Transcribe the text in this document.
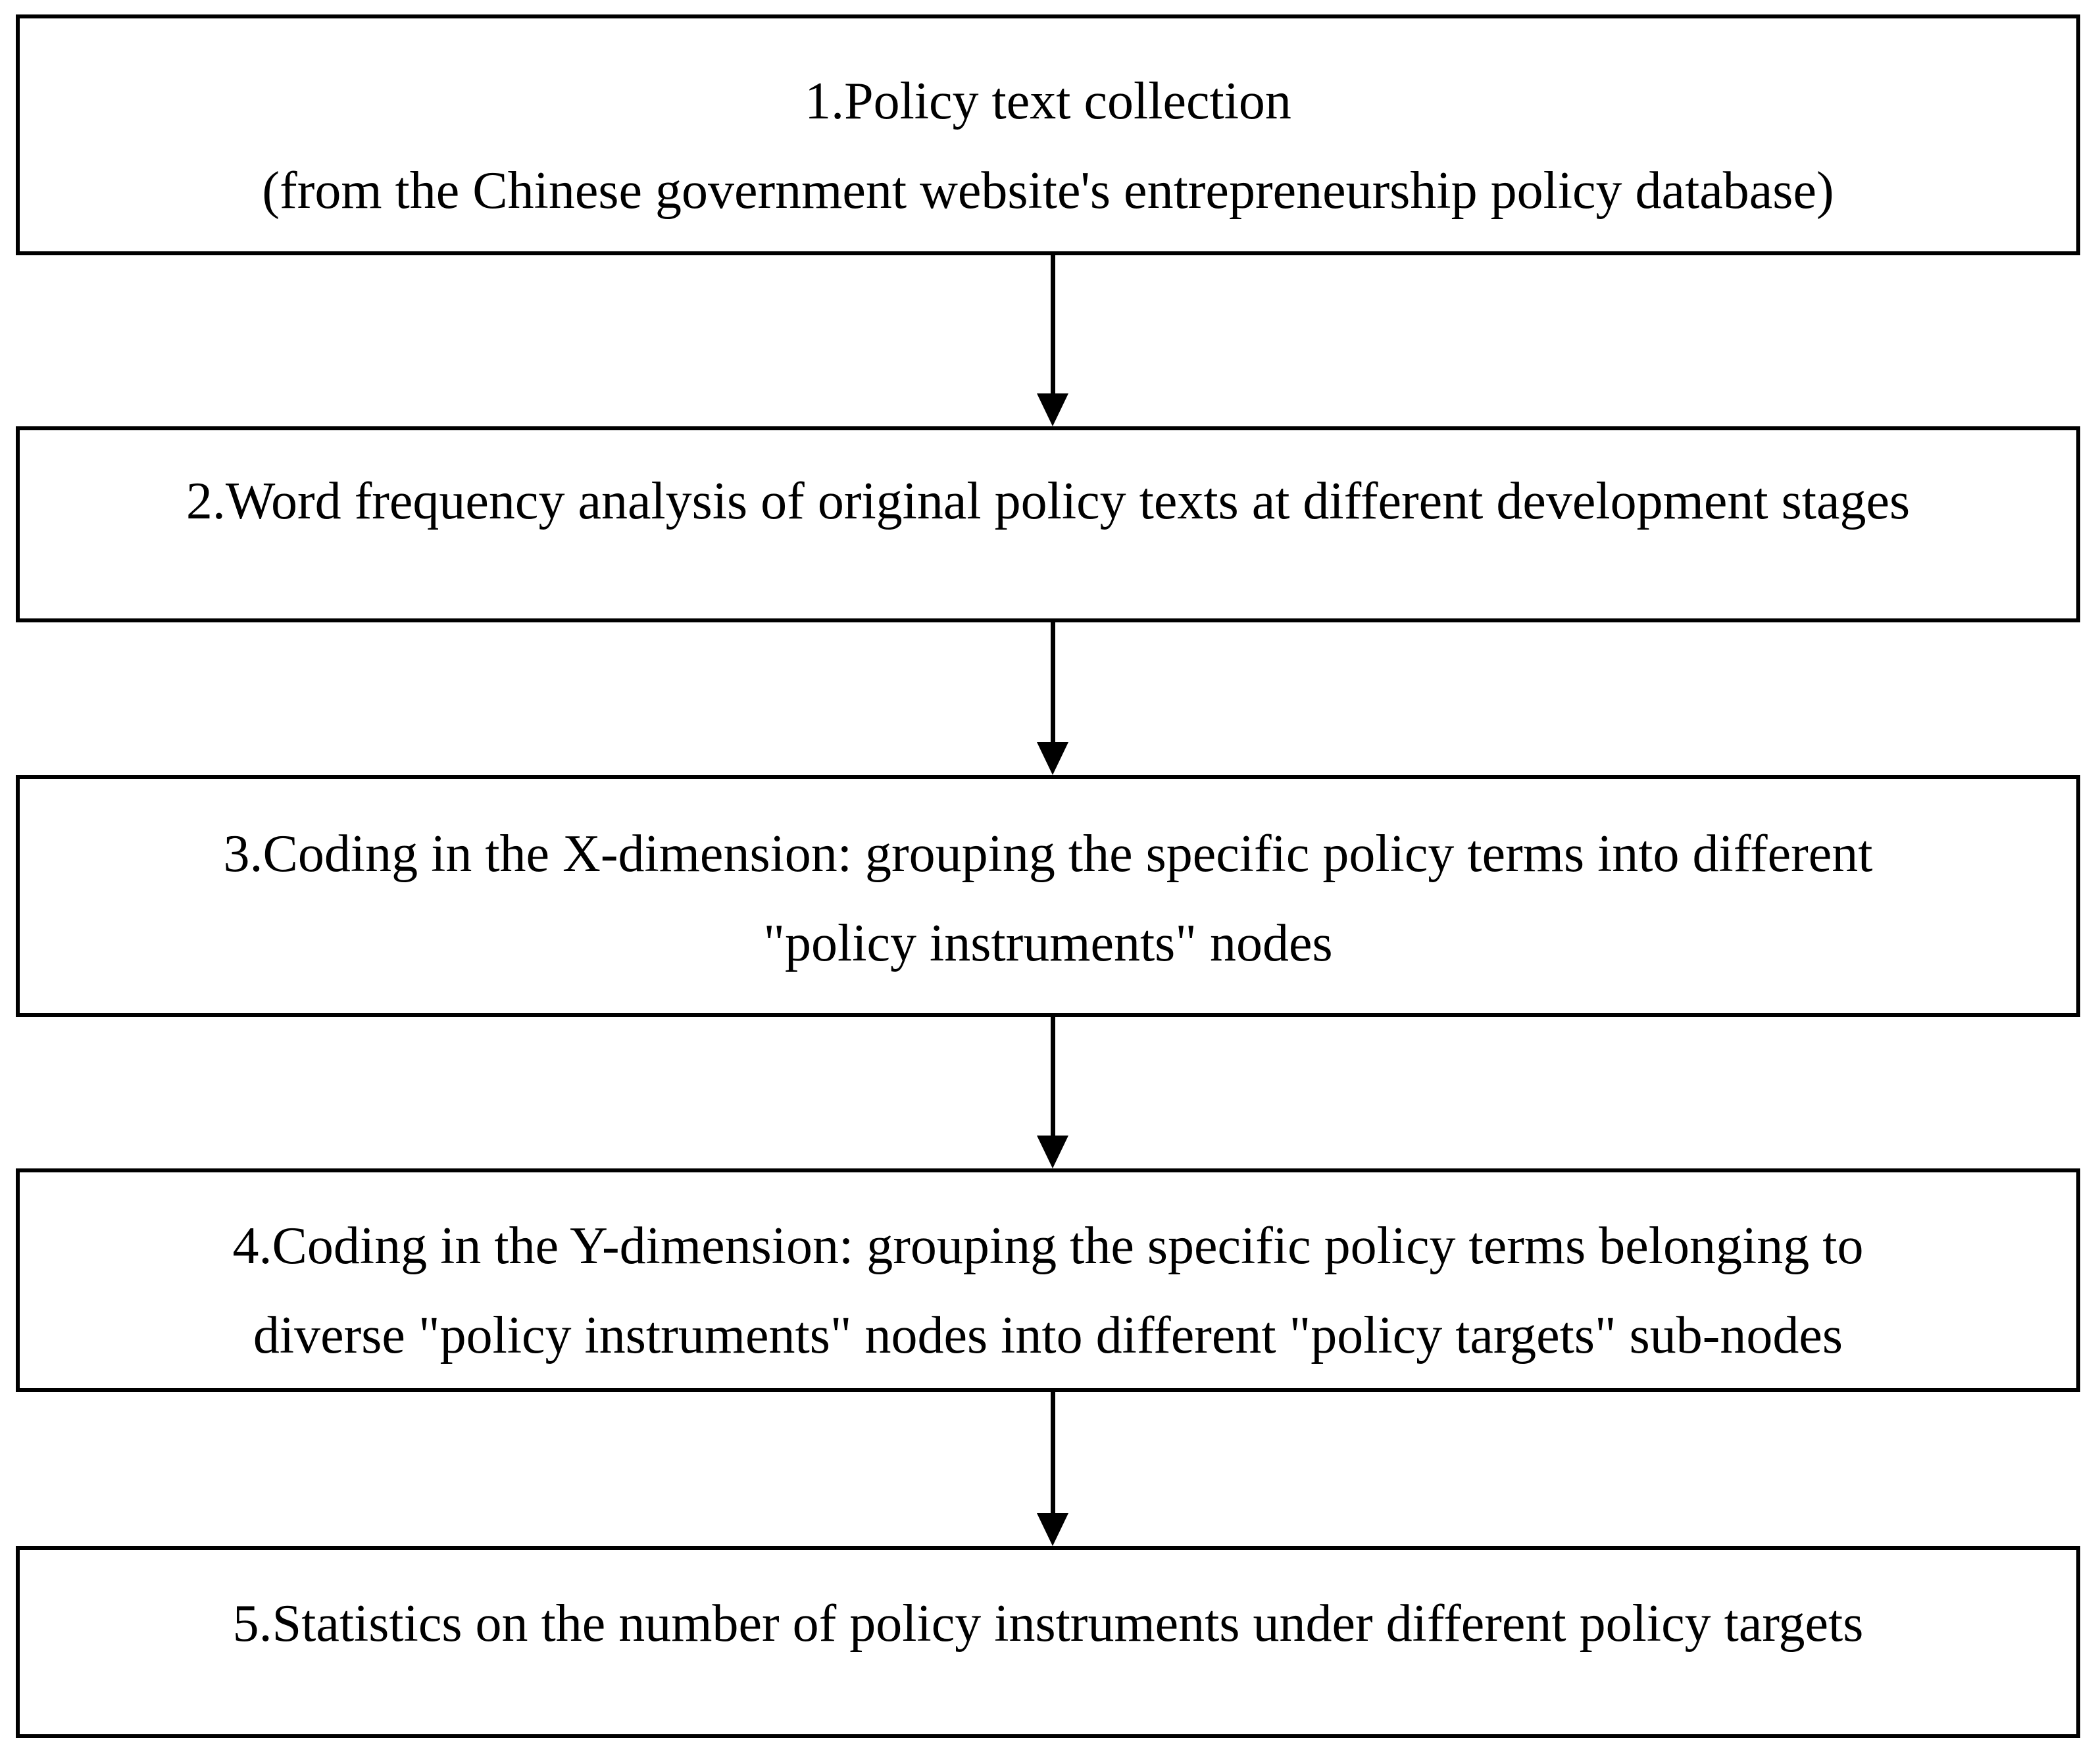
1.Policy text collection
(from the Chinese government website's entrepreneurship policy database)
2.Word frequency analysis of original policy texts at different development stages
3.Coding in the X-dimension: grouping the specific policy terms into different
"policy instruments" nodes
4.Coding in the Y-dimension: grouping the specific policy terms belonging to
diverse "policy instruments" nodes into different "policy targets" sub-nodes
5.Statistics on the number of policy instruments under different policy targets
